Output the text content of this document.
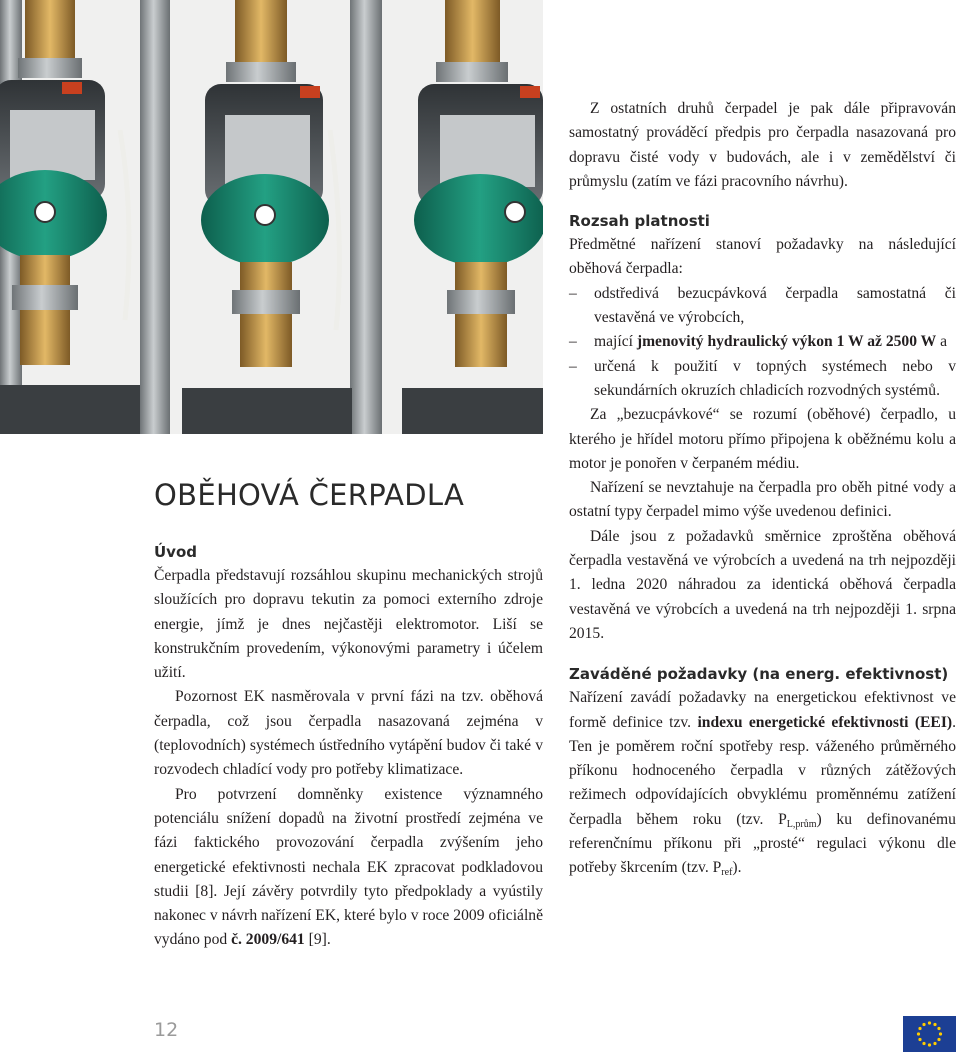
OBĚHOVÁ ČERPADLA
Úvod

Čerpadla představují rozsáhlou skupinu mechanických strojů sloužících pro dopravu tekutin za pomoci externího zdroje energie, jímž je dnes nejčastěji elektromotor. Liší se konstrukčním provedením, výkonovými parametry i účelem užití.

Pozornost EK nasměrovala v první fázi na tzv. oběhová čerpadla, což jsou čerpadla nasazovaná zejména v (teplovodních) systémech ústředního vytápění budov či také v rozvodech chladící vody pro potřeby klimatizace.

Pro potvrzení domněnky existence významného potenciálu snížení dopadů na životní prostředí zejména ve fázi faktického provozování čerpadla zvýšením jeho energetické efektivnosti nechala EK zpracovat podkladovou studii [8]. Její závěry potvrdily tyto předpoklady a vyústily nakonec v návrh nařízení EK, které bylo v roce 2009 oficiálně vydáno pod č. 2009/641 [9].

Z ostatních druhů čerpadel je pak dále připravován samostatný prováděcí předpis pro čerpadla nasazovaná pro dopravu čisté vody v budovách, ale i v zemědělství či průmyslu (zatím ve fázi pracovního návrhu).

Rozsah platnosti

Předmětné nařízení stanoví požadavky na následující oběhová čerpadla:

– odstředivá bezucpávková čerpadla samostatná či vestavěná ve výrobcích,
– mající jmenovitý hydraulický výkon 1 W až 2500 W a
– určená k použití v topných systémech nebo v sekundárních okruzích chladicích rozvodných systémů.

Za „bezucpávkové“ se rozumí (oběhové) čerpadlo, u kterého je hřídel motoru přímo připojena k oběžnému kolu a motor je ponořen v čerpaném médiu.

Nařízení se nevztahuje na čerpadla pro oběh pitné vody a ostatní typy čerpadel mimo výše uvedenou definici.

Dále jsou z požadavků směrnice zproštěna oběhová čerpadla vestavěná ve výrobcích a uvedená na trh nejpozději 1. ledna 2020 náhradou za identická oběhová čerpadla vestavěná ve výrobcích a uvedená na trh nejpozději 1. srpna 2015.

Zaváděné požadavky (na energ. efektivnost)

Nařízení zavádí požadavky na energetickou efektivnost ve formě definice tzv. indexu energetické efektivnosti (EEI). Ten je poměrem roční spotřeby resp. váženého průměrného příkonu hodnoceného čerpadla v různých zátěžových režimech odpovídajících obvyklému proměnnému zatížení čerpadla během roku (tzv. $P_{L,prům}$) ku definovanému referenčnímu příkonu při „prosté“ regulaci výkonu dle potřeby škrcením (tzv. $P_{ref}$).

12
